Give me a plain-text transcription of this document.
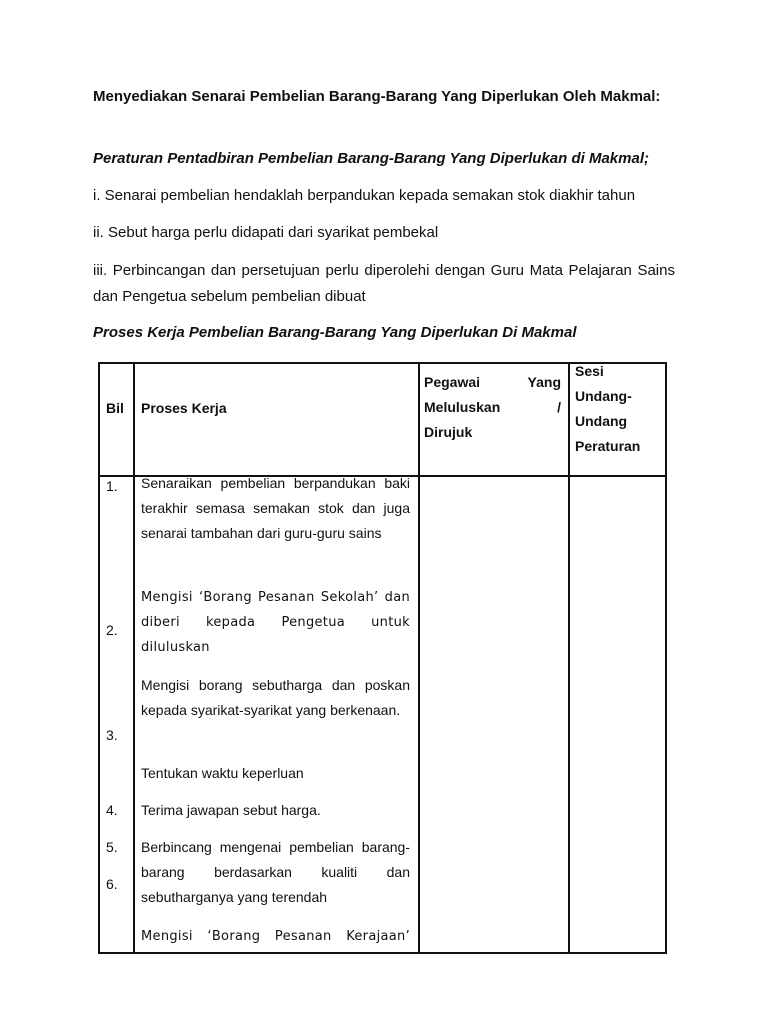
Menyediakan Senarai Pembelian Barang-Barang Yang Diperlukan Oleh Makmal:
Peraturan Pentadbiran Pembelian Barang-Barang Yang Diperlukan di Makmal;
i. Senarai pembelian hendaklah berpandukan kepada semakan stok diakhir tahun
ii. Sebut harga perlu didapati dari syarikat pembekal
iii. Perbincangan dan persetujuan perlu diperolehi dengan Guru Mata Pelajaran Sains dan Pengetua sebelum pembelian dibuat
Proses Kerja Pembelian Barang-Barang Yang Diperlukan Di Makmal
Bil Proses Kerja
Pegawai Yang
Meluluskan /
Dirujuk
Sesi
Undang-
Undang
Peraturan
1.
2.
3.
4.
5.
6.
Senaraikan pembelian berpandukan baki terakhir semasa semakan stok dan juga senarai tambahan dari guru-guru sains
Mengisi ‘Borang Pesanan Sekolah’ dan diberi kepada Pengetua untuk diluluskan
Mengisi borang sebutharga dan poskan kepada syarikat-syarikat yang berkenaan.
Tentukan waktu keperluan
Terima jawapan sebut harga.
Berbincang mengenai pembelian barang-barang berdasarkan kualiti dan sebutharganya yang terendah
Mengisi ‘Borang Pesanan Kerajaan’
